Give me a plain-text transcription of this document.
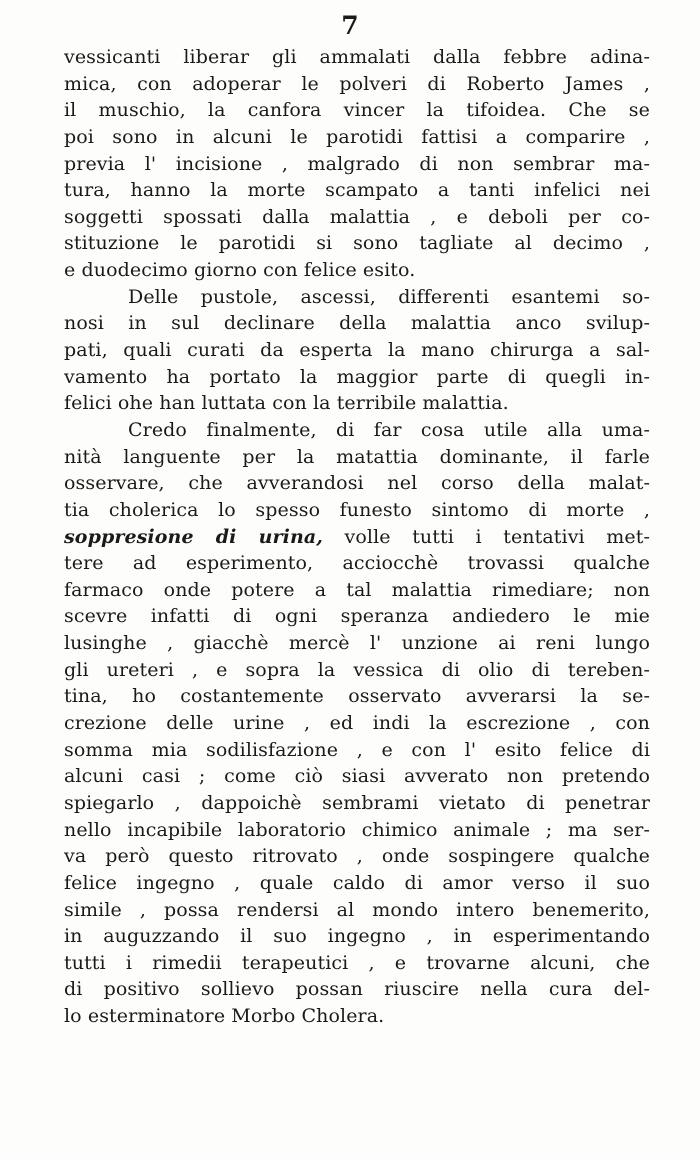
7
vessicanti liberar gli ammalati dalla febbre adina-
mica, con adoperar le polveri di Roberto James ,
il muschio, la canfora vincer la tifoidea. Che se
poi sono in alcuni le parotidi fattisi a comparire ,
previa l' incisione , malgrado di non sembrar ma-
tura, hanno la morte scampato a tanti infelici nei
soggetti spossati dalla malattia , e deboli per co-
stituzione le parotidi si sono tagliate al decimo ,
e duodecimo giorno con felice esito.
Delle pustole, ascessi, differenti esantemi so-
nosi in sul declinare della malattia anco svilup-
pati, quali curati da esperta la mano chirurga a sal-
vamento ha portato la maggior parte di quegli in-
felici ohe han luttata con la terribile malattia.
Credo finalmente, di far cosa utile alla uma-
nità languente per la matattia dominante, il farle
osservare, che avverandosi nel corso della malat-
tia cholerica lo spesso funesto sintomo di morte ,
soppresione di urina, volle tutti i tentativi met-
tere ad esperimento, acciocchè trovassi qualche
farmaco onde potere a tal malattia rimediare; non
scevre infatti di ogni speranza andiedero le mie
lusinghe , giacchè mercè l' unzione ai reni lungo
gli ureteri , e sopra la vessica di olio di tereben-
tina, ho costantemente osservato avverarsi la se-
crezione delle urine , ed indi la escrezione , con
somma mia sodilisfazione , e con l' esito felice di
alcuni casi ; come ciò siasi avverato non pretendo
spiegarlo , dappoichè sembrami vietato di penetrar
nello incapibile laboratorio chimico animale ; ma ser-
va però questo ritrovato , onde sospingere qualche
felice ingegno , quale caldo di amor verso il suo
simile , possa rendersi al mondo intero benemerito,
in auguzzando il suo ingegno , in esperimentando
tutti i rimedii terapeutici , e trovarne alcuni, che
di positivo sollievo possan riuscire nella cura del-
lo esterminatore Morbo Cholera.
